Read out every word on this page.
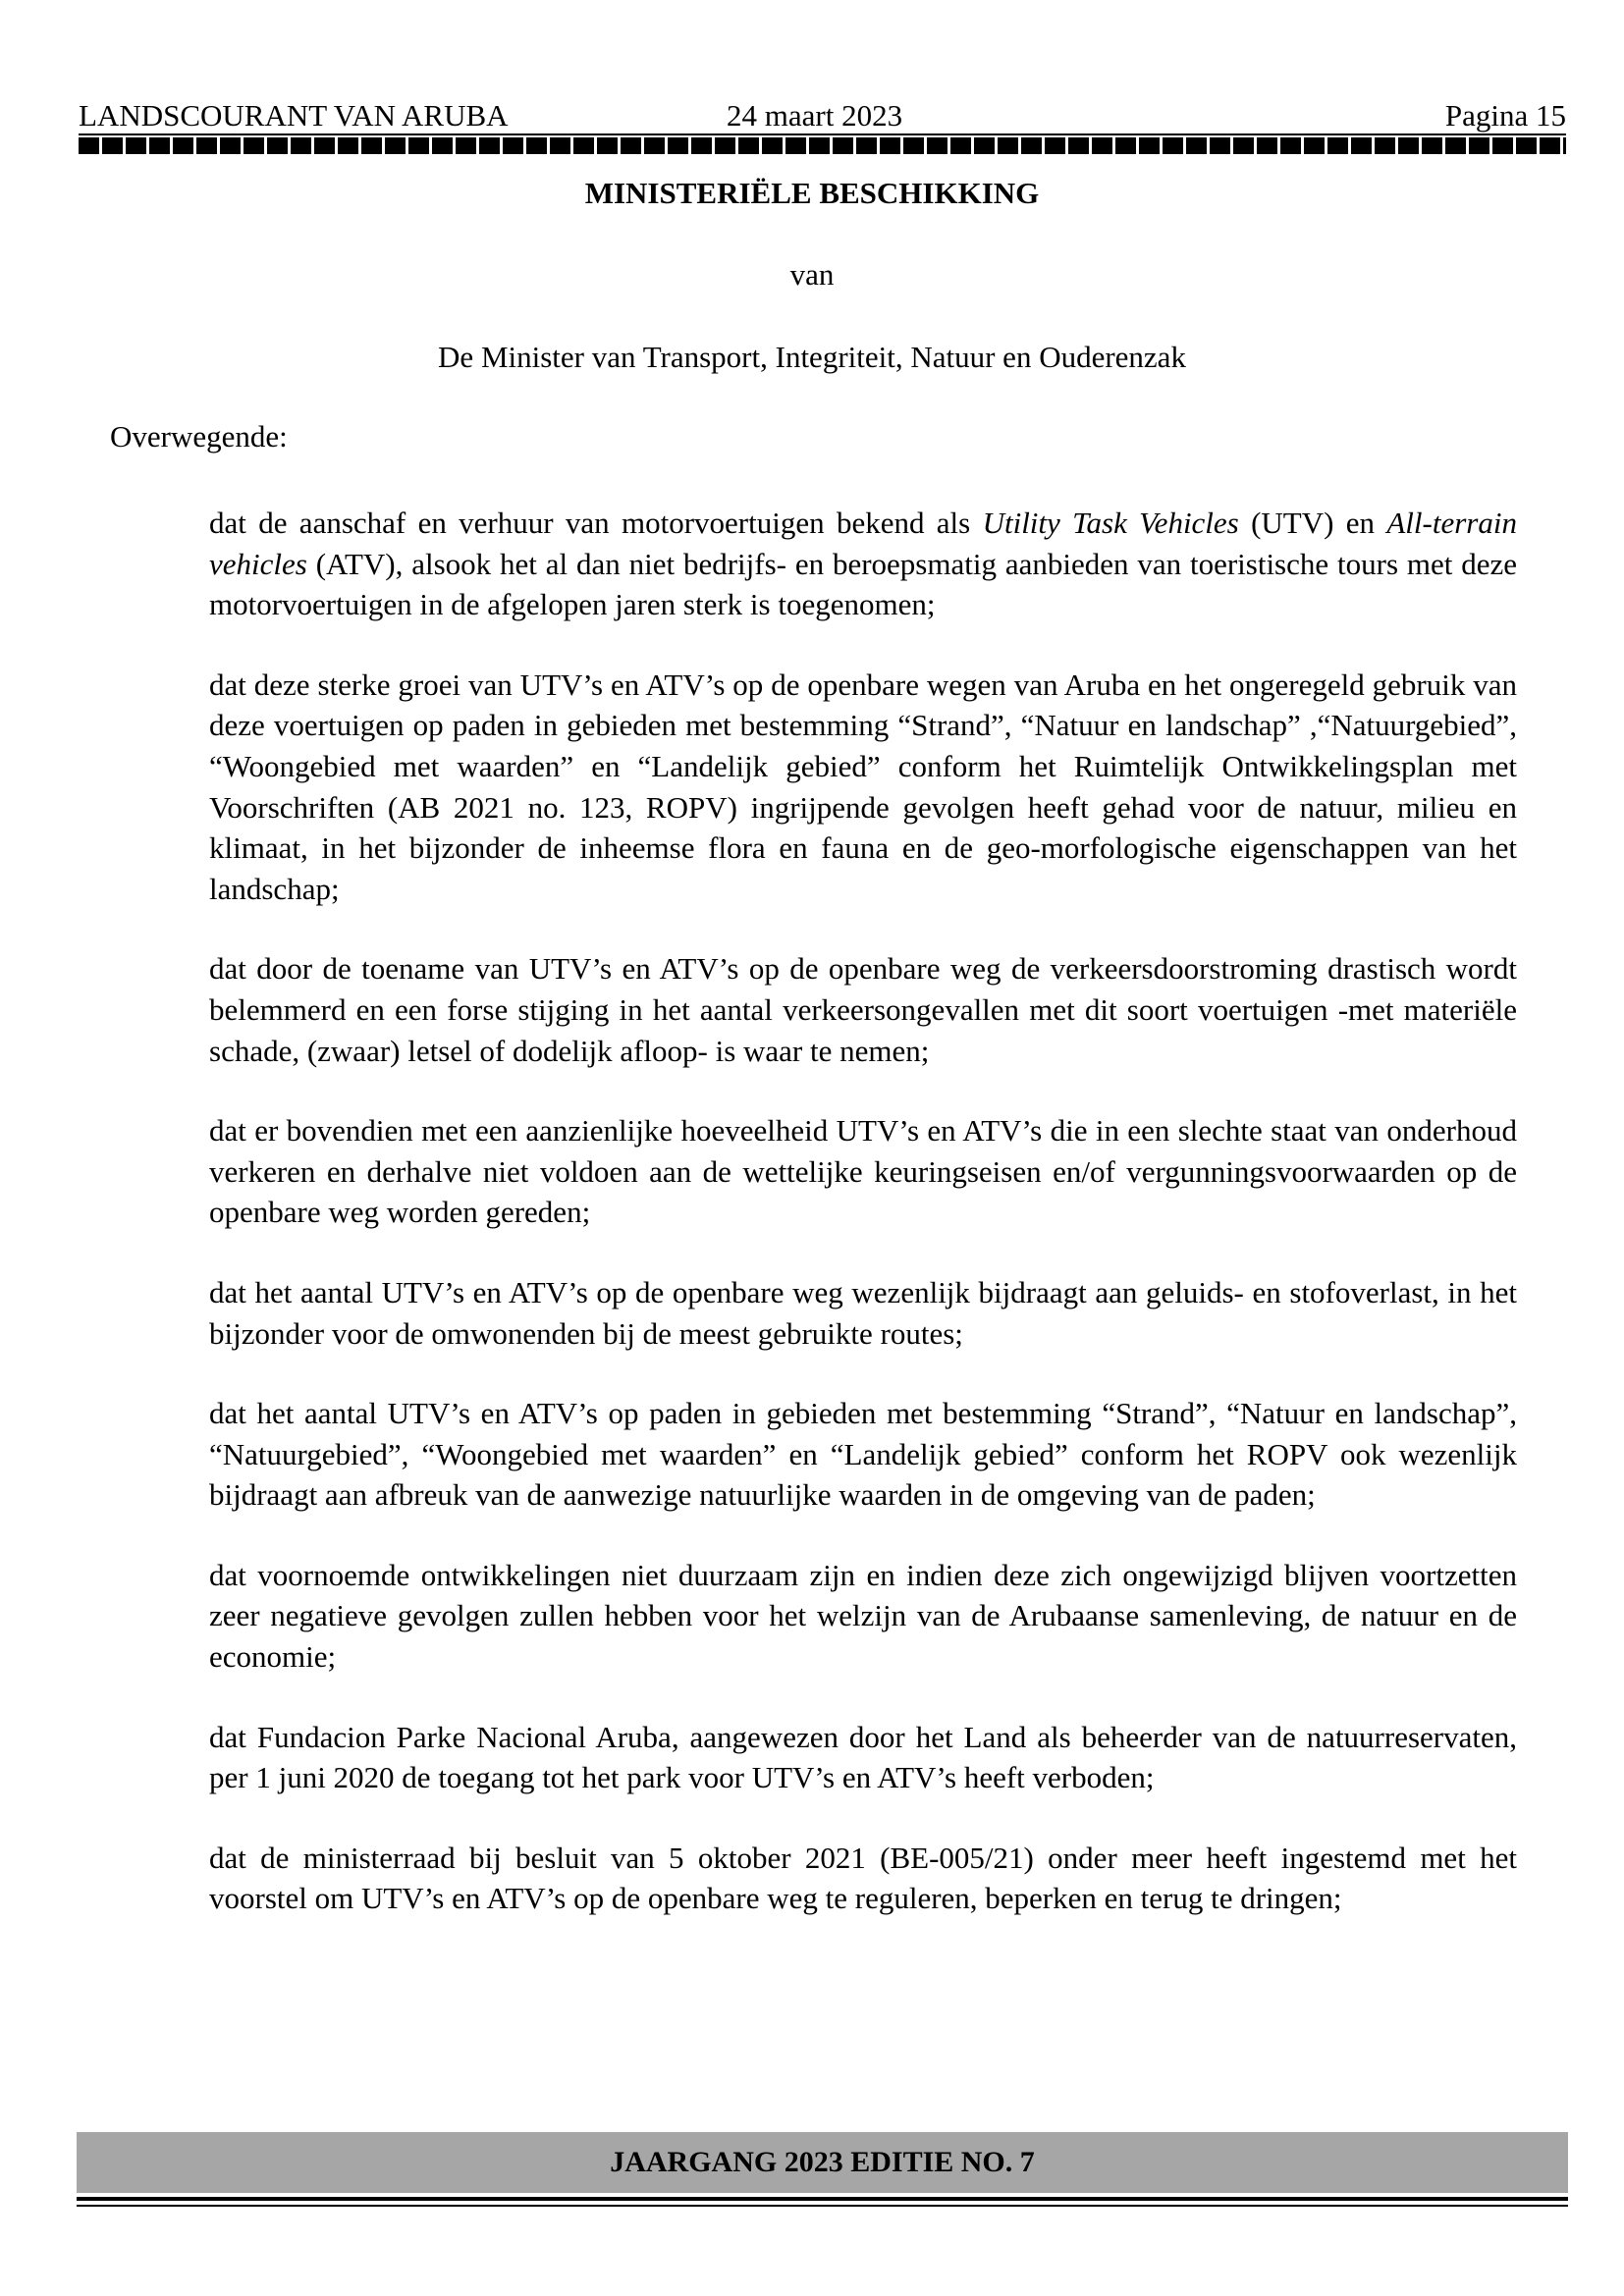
LANDSCOURANT VAN ARUBA	24 maart 2023	Pagina 15
MINISTERIËLE BESCHIKKING
van
De Minister van Transport, Integriteit, Natuur en Ouderenzak
Overwegende:

dat de aanschaf en verhuur van motorvoertuigen bekend als Utility Task Vehicles (UTV) en All-terrain vehicles (ATV), alsook het al dan niet bedrijfs- en beroepsmatig aanbieden van toeristische tours met deze motorvoertuigen in de afgelopen jaren sterk is toegenomen;

dat deze sterke groei van UTV’s en ATV’s op de openbare wegen van Aruba en het ongeregeld gebruik van deze voertuigen op paden in gebieden met bestemming “Strand”, “Natuur en landschap” ,“Natuurgebied”, “Woongebied met waarden” en “Landelijk gebied” conform het Ruimtelijk Ontwikkelingsplan met Voorschriften (AB 2021 no. 123, ROPV) ingrijpende gevolgen heeft gehad voor de natuur, milieu en klimaat, in het bijzonder de inheemse flora en fauna en de geo-morfologische eigenschappen van het landschap;

dat door de toename van UTV’s en ATV’s op de openbare weg de verkeersdoorstroming drastisch wordt belemmerd en een forse stijging in het aantal verkeersongevallen met dit soort voertuigen -met materiële schade, (zwaar) letsel of dodelijk afloop- is waar te nemen;

dat er bovendien met een aanzienlijke hoeveelheid UTV’s en ATV’s die in een slechte staat van onderhoud verkeren en derhalve niet voldoen aan de wettelijke keuringseisen en/of vergunningsvoorwaarden op de openbare weg worden gereden;

dat het aantal UTV’s en ATV’s op de openbare weg wezenlijk bijdraagt aan geluids- en stofoverlast, in het bijzonder voor de omwonenden bij de meest gebruikte routes;

dat het aantal UTV’s en ATV’s op paden in gebieden met bestemming “Strand”, “Natuur en landschap”, “Natuurgebied”, “Woongebied met waarden” en “Landelijk gebied” conform het ROPV ook wezenlijk bijdraagt aan afbreuk van de aanwezige natuurlijke waarden in de omgeving van de paden;

dat voornoemde ontwikkelingen niet duurzaam zijn en indien deze zich ongewijzigd blijven voortzetten zeer negatieve gevolgen zullen hebben voor het welzijn van de Arubaanse samenleving, de natuur en de economie;

dat Fundacion Parke Nacional Aruba, aangewezen door het Land als beheerder van de natuurreservaten, per 1 juni 2020 de toegang tot het park voor UTV’s en ATV’s heeft verboden;

dat de ministerraad bij besluit van 5 oktober 2021 (BE-005/21) onder meer heeft ingestemd met het voorstel om UTV’s en ATV’s op de openbare weg te reguleren, beperken en terug te dringen;

JAARGANG 2023 EDITIE NO. 7
